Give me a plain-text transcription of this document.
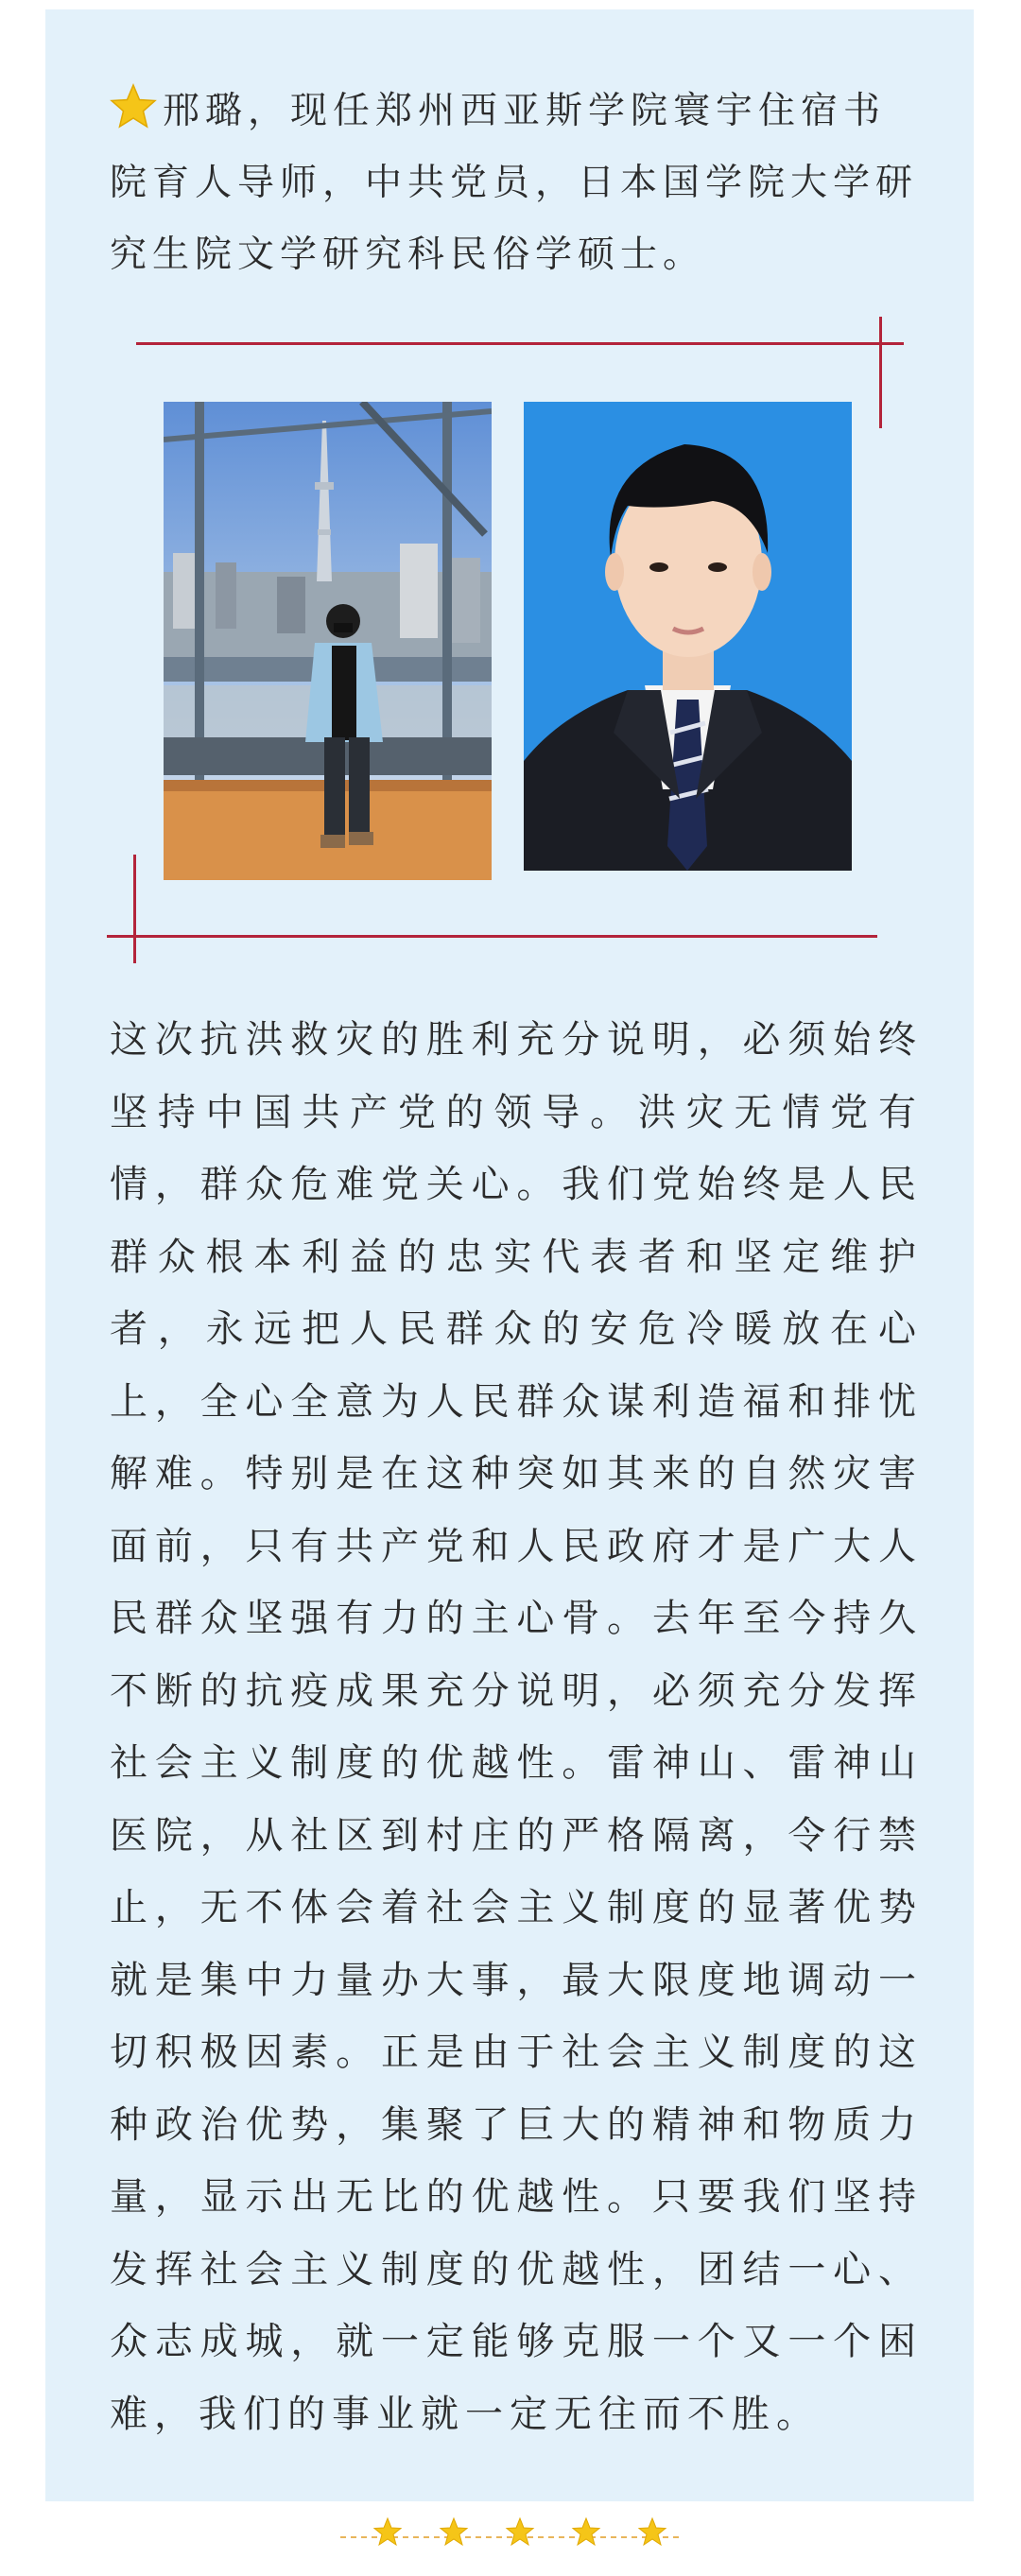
邢璐，现任郑州西亚斯学院寰宇住宿书院育人导师，中共党员，日本国学院大学研究生院文学研究科民俗学硕士。
这次抗洪救灾的胜利充分说明，必须始终坚持中国共产党的领导。洪灾无情党有情，群众危难党关心。我们党始终是人民群众根本利益的忠实代表者和坚定维护者，永远把人民群众的安危冷暖放在心上，全心全意为人民群众谋利造福和排忧解难。特别是在这种突如其来的自然灾害面前，只有共产党和人民政府才是广大人民群众坚强有力的主心骨。去年至今持久不断的抗疫成果充分说明，必须充分发挥社会主义制度的优越性。雷神山、雷神山医院，从社区到村庄的严格隔离，令行禁止，无不体会着社会主义制度的显著优势就是集中力量办大事，最大限度地调动一切积极因素。正是由于社会主义制度的这种政治优势，集聚了巨大的精神和物质力量，显示出无比的优越性。只要我们坚持发挥社会主义制度的优越性，团结一心、众志成城，就一定能够克服一个又一个困难，我们的事业就一定无往而不胜。
